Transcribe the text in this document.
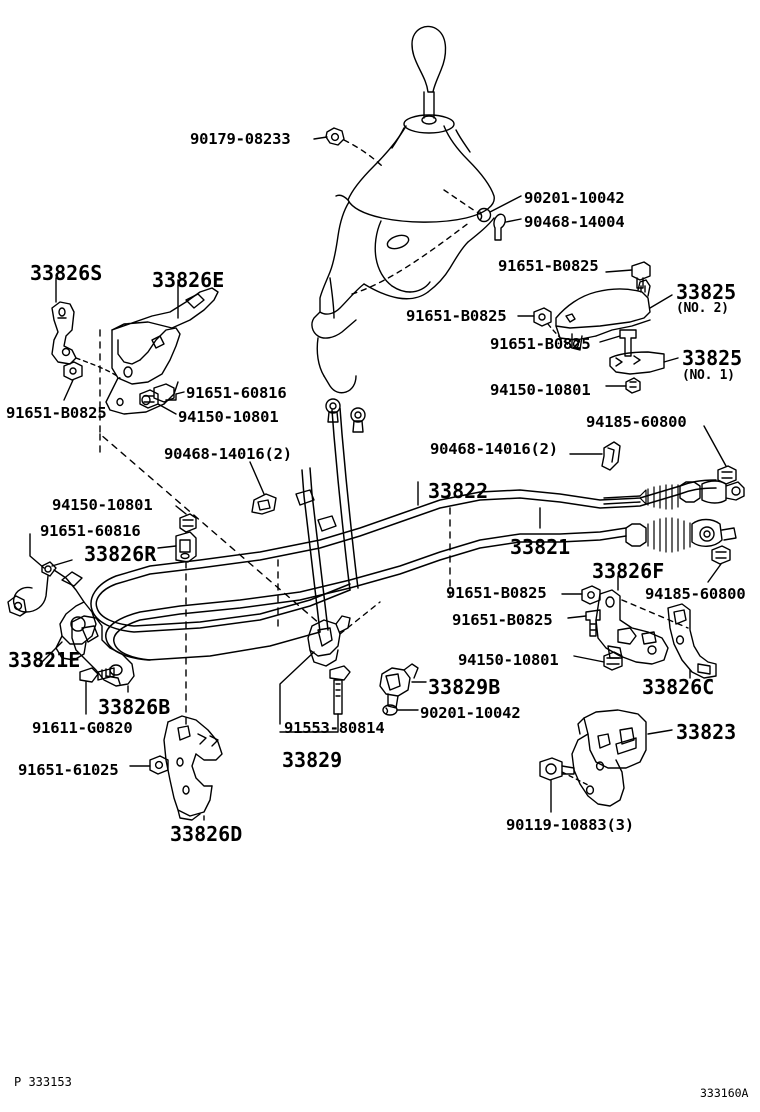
90179-08233
90201-10042
90468-14004
91651-B0825
91651-B0825
91651-B0825
94150-10801
91651-60816
94150-10801
91651-B0825
90468-14016(2)	90468-14016(2)
94185-60800
94150-10801
91651-60816
91651-B0825
91651-B0825
94150-10801
94185-60800
91611-G0820
91651-61025
91553-80814
90201-10042
90119-10883(3)
33826S 33826E	33825
(NO. 2)
33825
(NO. 1)
33822
33821
33826R
33826F
33821E
33826B
33829B	33826C
33823
33829
33826D
P 333153
333160A
